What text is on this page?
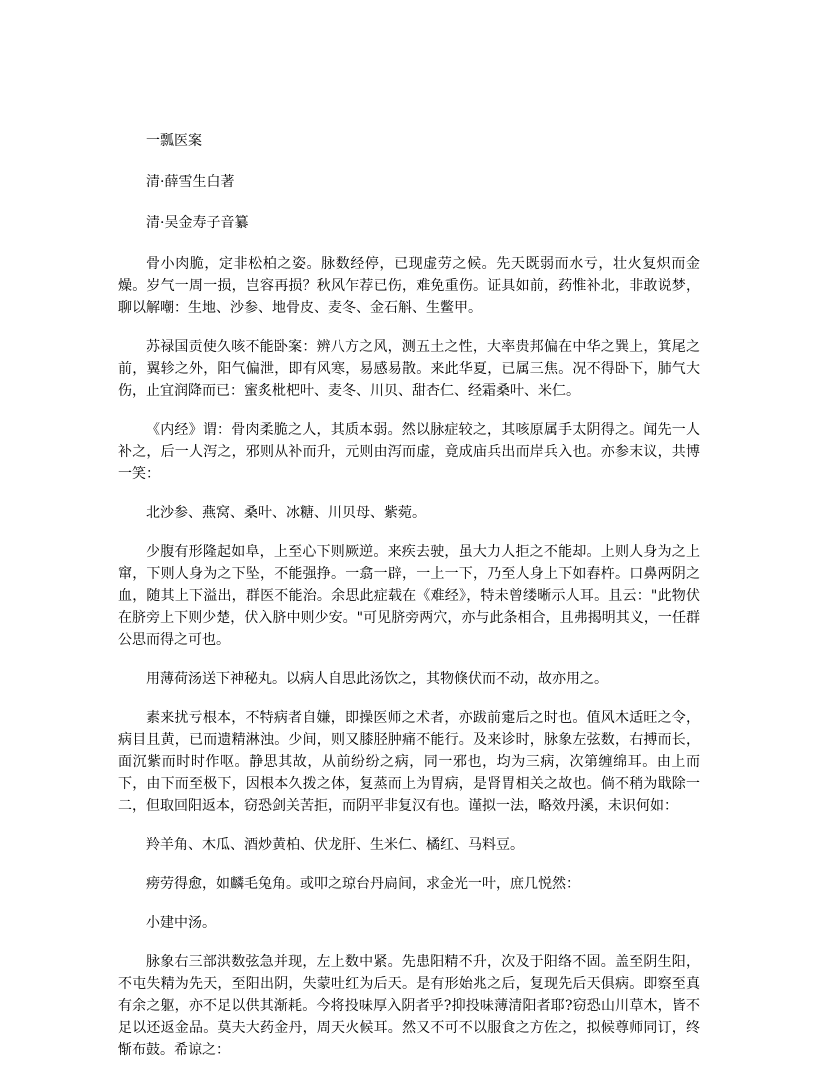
一瓢医案

清·薛雪生白著

清·吴金寿子音纂

骨小肉脆，定非松柏之姿。脉数经停，已现虚劳之候。先天既弱而水亏，壮火复炽而金燥。岁气一周一损，岂容再损？秋风乍荐已伤，难免重伤。证具如前，药惟补北，非敢说梦，聊以解嘲：生地、沙参、地骨皮、麦冬、金石斛、生鳖甲。

苏禄国贡使久咳不能卧案：辨八方之风，测五土之性，大率贵邦偏在中华之巽上，箕尾之前，翼轸之外，阳气偏泄，即有风寒，易感易散。来此华夏，已属三焦。况不得卧下，肺气大伤，止宜润降而已：蜜炙枇杷叶、麦冬、川贝、甜杏仁、经霜桑叶、米仁。

《内经》谓：骨肉柔脆之人，其质本弱。然以脉症较之，其咳原属手太阴得之。闻先一人补之，后一人泻之，邪则从补而升，元则由泻而虚，竟成庙兵出而岸兵入也。亦参末议，共博一笑：

北沙参、燕窝、桑叶、冰糖、川贝母、紫菀。

少腹有形隆起如阜，上至心下则厥逆。来疾去驶，虽大力人拒之不能却。上则人身为之上窜，下则人身为之下坠，不能强挣。一翕一辟，一上一下，乃至人身上下如舂杵。口鼻两阴之血，随其上下溢出，群医不能治。余思此症载在《难经》，特未曾缕晰示人耳。且云："此物伏在脐旁上下则少楚，伏入脐中则少安。"可见脐旁两穴，亦与此条相合，且弗揭明其义，一任群公思而得之可也。

用薄荷汤送下神秘丸。以病人自思此汤饮之，其物倏伏而不动，故亦用之。

素来扰亏根本，不特病者自嫌，即操医师之术者，亦跋前疐后之时也。值风木适旺之令，病目且黄，已而遗精淋浊。少间，则又膝胫肿痛不能行。及来诊时，脉象左弦数，右搏而长，面沉紫而时时作呕。静思其故，从前纷纷之病，同一邪也，均为三病，次第缠绵耳。由上而下，由下而至极下，因根本久拨之体，复蒸而上为胃病，是肾胃相关之故也。倘不稍为戢除一二，但取回阳返本，窃恐剑关苦拒，而阴平非复汉有也。谨拟一法，略效丹溪，未识何如：

羚羊角、木瓜、酒炒黄柏、伏龙肝、生米仁、橘红、马料豆。

痨劳得愈，如麟毛兔角。或叩之琼台丹扃间，求金光一叶，庶几悦然：

小建中汤。

脉象右三部洪数弦急并现，左上数中紧。先患阳精不升，次及于阳络不固。盖至阴生阳，不屯失精为先天，至阳出阴，失蒙吐红为后天。是有形始兆之后，复现先后天俱病。即察至真有余之躯，亦不足以供其渐耗。今将投味厚入阴者乎?抑投味薄清阳者耶?窃恐山川草木，皆不足以还返金品。莫夫大药金丹，周天火候耳。然又不可不以服食之方佐之，拟候尊师同订，终惭布鼓。希谅之：
